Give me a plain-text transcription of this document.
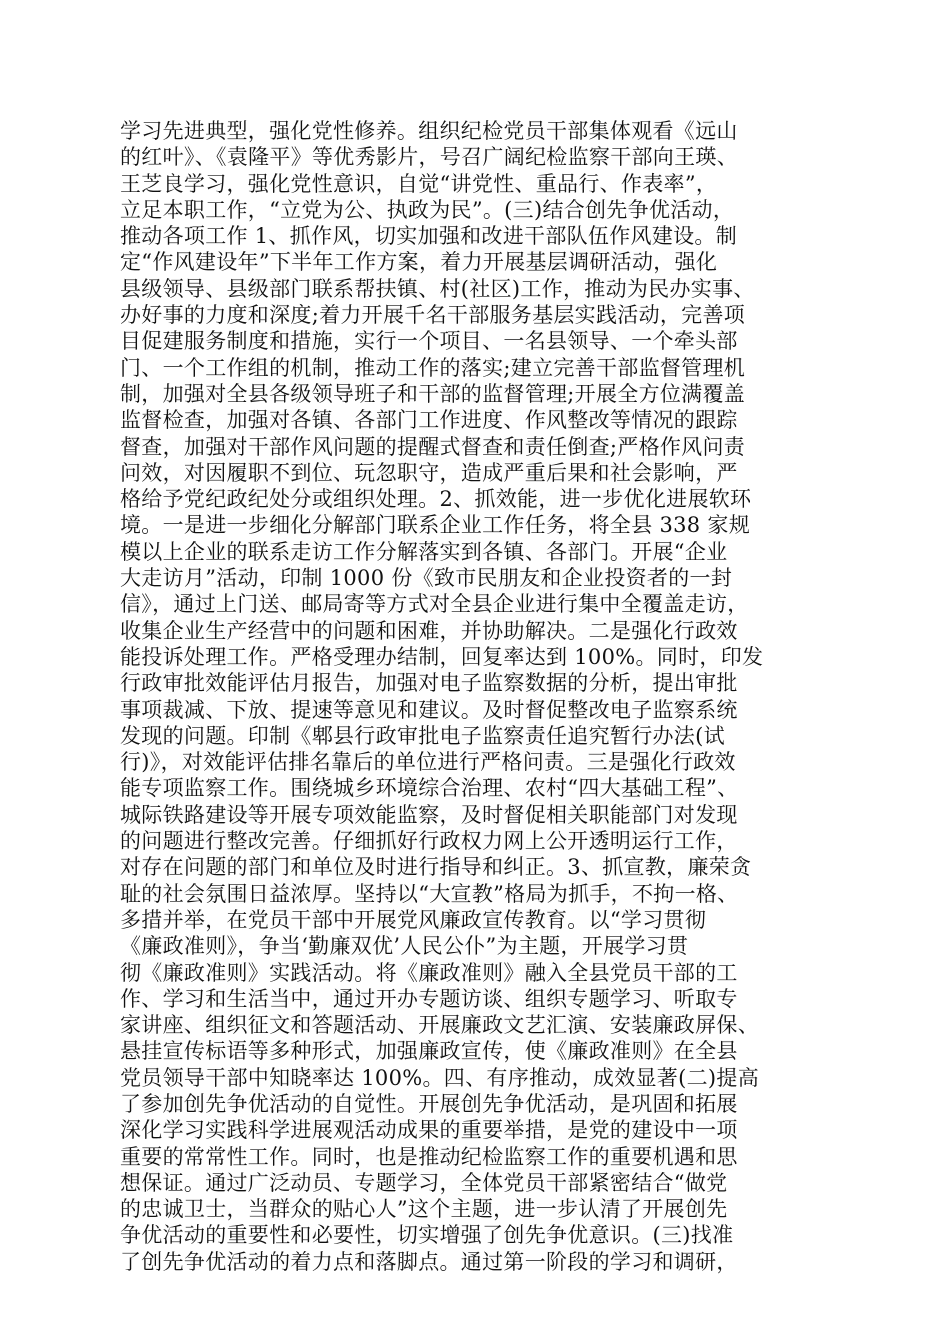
学习先进典型，强化党性修养。组织纪检党员干部集体观看《远山
的红叶》、《袁隆平》等优秀影片，号召广阔纪检监察干部向王瑛、
王芝良学习，强化党性意识，自觉“讲党性、重品行、作表率”，
立足本职工作，“立党为公、执政为民”。(三)结合创先争优活动，
推动各项工作 1、抓作风，切实加强和改进干部队伍作风建设。制
定“作风建设年”下半年工作方案，着力开展基层调研活动，强化
县级领导、县级部门联系帮扶镇、村(社区)工作，推动为民办实事、
办好事的力度和深度;着力开展千名干部服务基层实践活动，完善项
目促建服务制度和措施，实行一个项目、一名县领导、一个牵头部
门、一个工作组的机制，推动工作的落实;建立完善干部监督管理机
制，加强对全县各级领导班子和干部的监督管理;开展全方位满覆盖
监督检查，加强对各镇、各部门工作进度、作风整改等情况的跟踪
督查，加强对干部作风问题的提醒式督查和责任倒查;严格作风问责
问效，对因履职不到位、玩忽职守，造成严重后果和社会影响，严
格给予党纪政纪处分或组织处理。2、抓效能，进一步优化进展软环
境。一是进一步细化分解部门联系企业工作任务，将全县 338 家规
模以上企业的联系走访工作分解落实到各镇、各部门。开展“企业
大走访月”活动，印制 1000 份《致市民朋友和企业投资者的一封
信》，通过上门送、邮局寄等方式对全县企业进行集中全覆盖走访，
收集企业生产经营中的问题和困难，并协助解决。二是强化行政效
能投诉处理工作。严格受理办结制，回复率达到 100%。同时，印发
行政审批效能评估月报告，加强对电子监察数据的分析，提出审批
事项裁减、下放、提速等意见和建议。及时督促整改电子监察系统
发现的问题。印制《郫县行政审批电子监察责任追究暂行办法(试
行)》，对效能评估排名靠后的单位进行严格问责。三是强化行政效
能专项监察工作。围绕城乡环境综合治理、农村“四大基础工程”、
城际铁路建设等开展专项效能监察，及时督促相关职能部门对发现
的问题进行整改完善。仔细抓好行政权力网上公开透明运行工作，
对存在问题的部门和单位及时进行指导和纠正。3、抓宣教，廉荣贪
耻的社会氛围日益浓厚。坚持以“大宣教”格局为抓手，不拘一格、
多措并举，在党员干部中开展党风廉政宣传教育。以“学习贯彻
《廉政准则》，争当‘勤廉双优’人民公仆”为主题，开展学习贯
彻《廉政准则》实践活动。将《廉政准则》融入全县党员干部的工
作、学习和生活当中，通过开办专题访谈、组织专题学习、听取专
家讲座、组织征文和答题活动、开展廉政文艺汇演、安装廉政屏保、
悬挂宣传标语等多种形式，加强廉政宣传，使《廉政准则》在全县
党员领导干部中知晓率达 100%。四、有序推动，成效显著(二)提高
了参加创先争优活动的自觉性。开展创先争优活动，是巩固和拓展
深化学习实践科学进展观活动成果的重要举措，是党的建设中一项
重要的常常性工作。同时，也是推动纪检监察工作的重要机遇和思
想保证。通过广泛动员、专题学习，全体党员干部紧密结合“做党
的忠诚卫士，当群众的贴心人”这个主题，进一步认清了开展创先
争优活动的重要性和必要性，切实增强了创先争优意识。(三)找准
了创先争优活动的着力点和落脚点。通过第一阶段的学习和调研，
